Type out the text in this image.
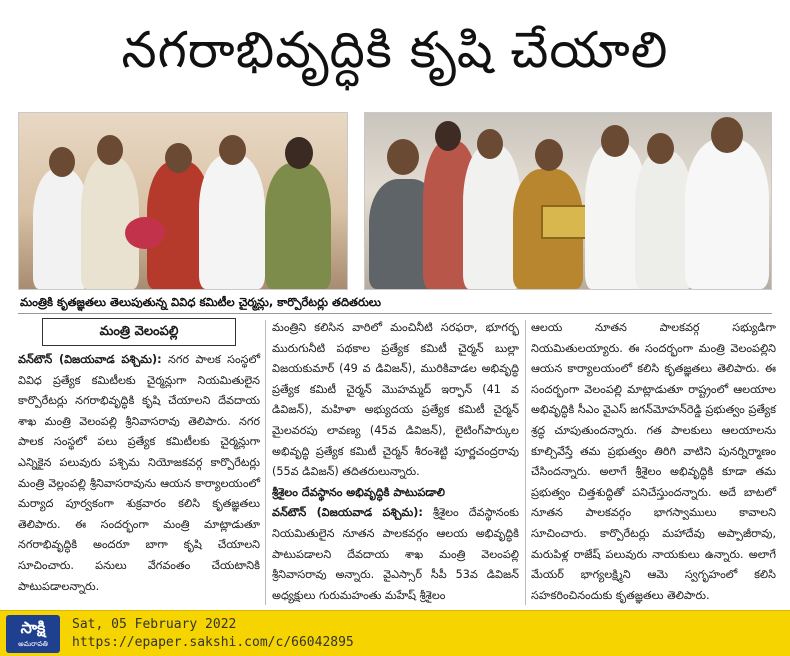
నగరాభివృద్ధికి కృషి చేయాలి
మంత్రికి కృతజ్ఞతలు తెలుపుతున్న వివిధ కమిటీల చైర్మన్లు, కార్పొరేటర్లు తదితరులు
మంత్రి వెలంపల్లి

వన్‌టౌన్ (విజయవాడ పశ్చిమ): నగర పాలక సంస్థలో వివిధ ప్రత్యేక కమిటీలకు చైర్మన్లుగా నియమితులైన కార్పొరేటర్లు నగరాభివృద్ధికి కృషి చేయాలని దేవదాయ శాఖ మంత్రి వెలంపల్లి శ్రీనివాసరావు తెలిపారు. నగర పాలక సంస్థలో పలు ప్రత్యేక కమిటీలకు చైర్మన్లుగా ఎన్నికైన పలువురు పశ్చిమ నియోజకవర్గ కార్పొరేటర్లు మంత్రి వెల్లంపల్లి శ్రీనివాసరావును ఆయన కార్యాలయంలో మర్యాద పూర్వకంగా శుక్రవారం కలిసి కృతజ్ఞతలు తెలిపారు. ఈ సందర్భంగా మంత్రి మాట్లాడుతూ నగరాభివృద్ధికి అందరూ బాగా కృషి చేయాలని సూచించారు. పనులు వేగవంతం చేయటానికి పాటుపడాలన్నారు.

మంత్రిని కలిసిన వారిలో మంచినీటి సరఫరా, భూగర్భ మురుగునీటి పథకాల ప్రత్యేక కమిటీ చైర్మన్ బుల్లా విజయకుమార్ (49 వ డివిజన్), మురికివాడల అభివృద్ధి ప్రత్యేక కమిటీ చైర్మన్ మొహమ్మద్ ఇర్ఫాన్ (41 వ డివిజన్), మహిళా అభ్యుదయ ప్రత్యేక కమిటీ చైర్మన్ మైలవరపు లావణ్య (45వ డివిజన్), లైటింగ్‌పార్కుల అభివృద్ధి ప్రత్యేక కమిటీ చైర్మన్ శీరంశెట్టి పూర్ణచంద్రరావు (55వ డివిజన్) తదితరులున్నారు.

శ్రీశైలం దేవస్థానం అభివృద్ధికి పాటుపడాలి

వన్‌టౌన్ (విజయవాడ పశ్చిమ): శ్రీశైలం దేవస్థానంకు నియమితులైన నూతన పాలకవర్గం ఆలయ అభివృద్ధికి పాటుపడాలని దేవదాయ శాఖ మంత్రి వెలంపల్లి శ్రీనివాసరావు అన్నారు. వైఎస్సార్ సీపీ 53వ డివిజన్ అధ్యక్షులు గురుమహంతు మహేష్ శ్రీశైలం

ఆలయ నూతన పాలకవర్గ సభ్యుడిగా నియమితులయ్యారు. ఈ సందర్భంగా మంత్రి వెలంపల్లిని ఆయన కార్యాలయంలో కలిసి కృతజ్ఞతలు తెలిపారు. ఈ సందర్భంగా వెలంపల్లి మాట్లాడుతూ రాష్ట్రంలో ఆలయాల అభివృద్ధికి సీఎం వైఎస్ జగన్‌మోహన్‌రెడ్డి ప్రభుత్వం ప్రత్యేక శ్రద్ధ చూపుతుందన్నారు. గత పాలకులు ఆలయాలను కూల్చివేస్తే తమ ప్రభుత్వం తిరిగి వాటిని పునర్నిర్మాణం చేసిందన్నారు. అలాగే శ్రీశైలం అభివృద్ధికి కూడా తమ ప్రభుత్వం చిత్తశుద్ధితో పనిచేస్తుందన్నారు. అదే బాటలో నూతన పాలకవర్గం భాగస్వాములు కావాలని సూచించారు. కార్పొరేటర్లు మహాదేవు అప్పాజీరావు, మరుపిళ్ల రాజేష్ పలువురు నాయకులు ఉన్నారు. అలాగే మేయర్ భాగ్యలక్ష్మిని ఆమె స్వగృహంలో కలిసి సహకరించినందుకు కృతజ్ఞతలు తెలిపారు.

సాక్షి
అమరావతి
Sat, 05 February 2022
https://epaper.sakshi.com/c/66042895
